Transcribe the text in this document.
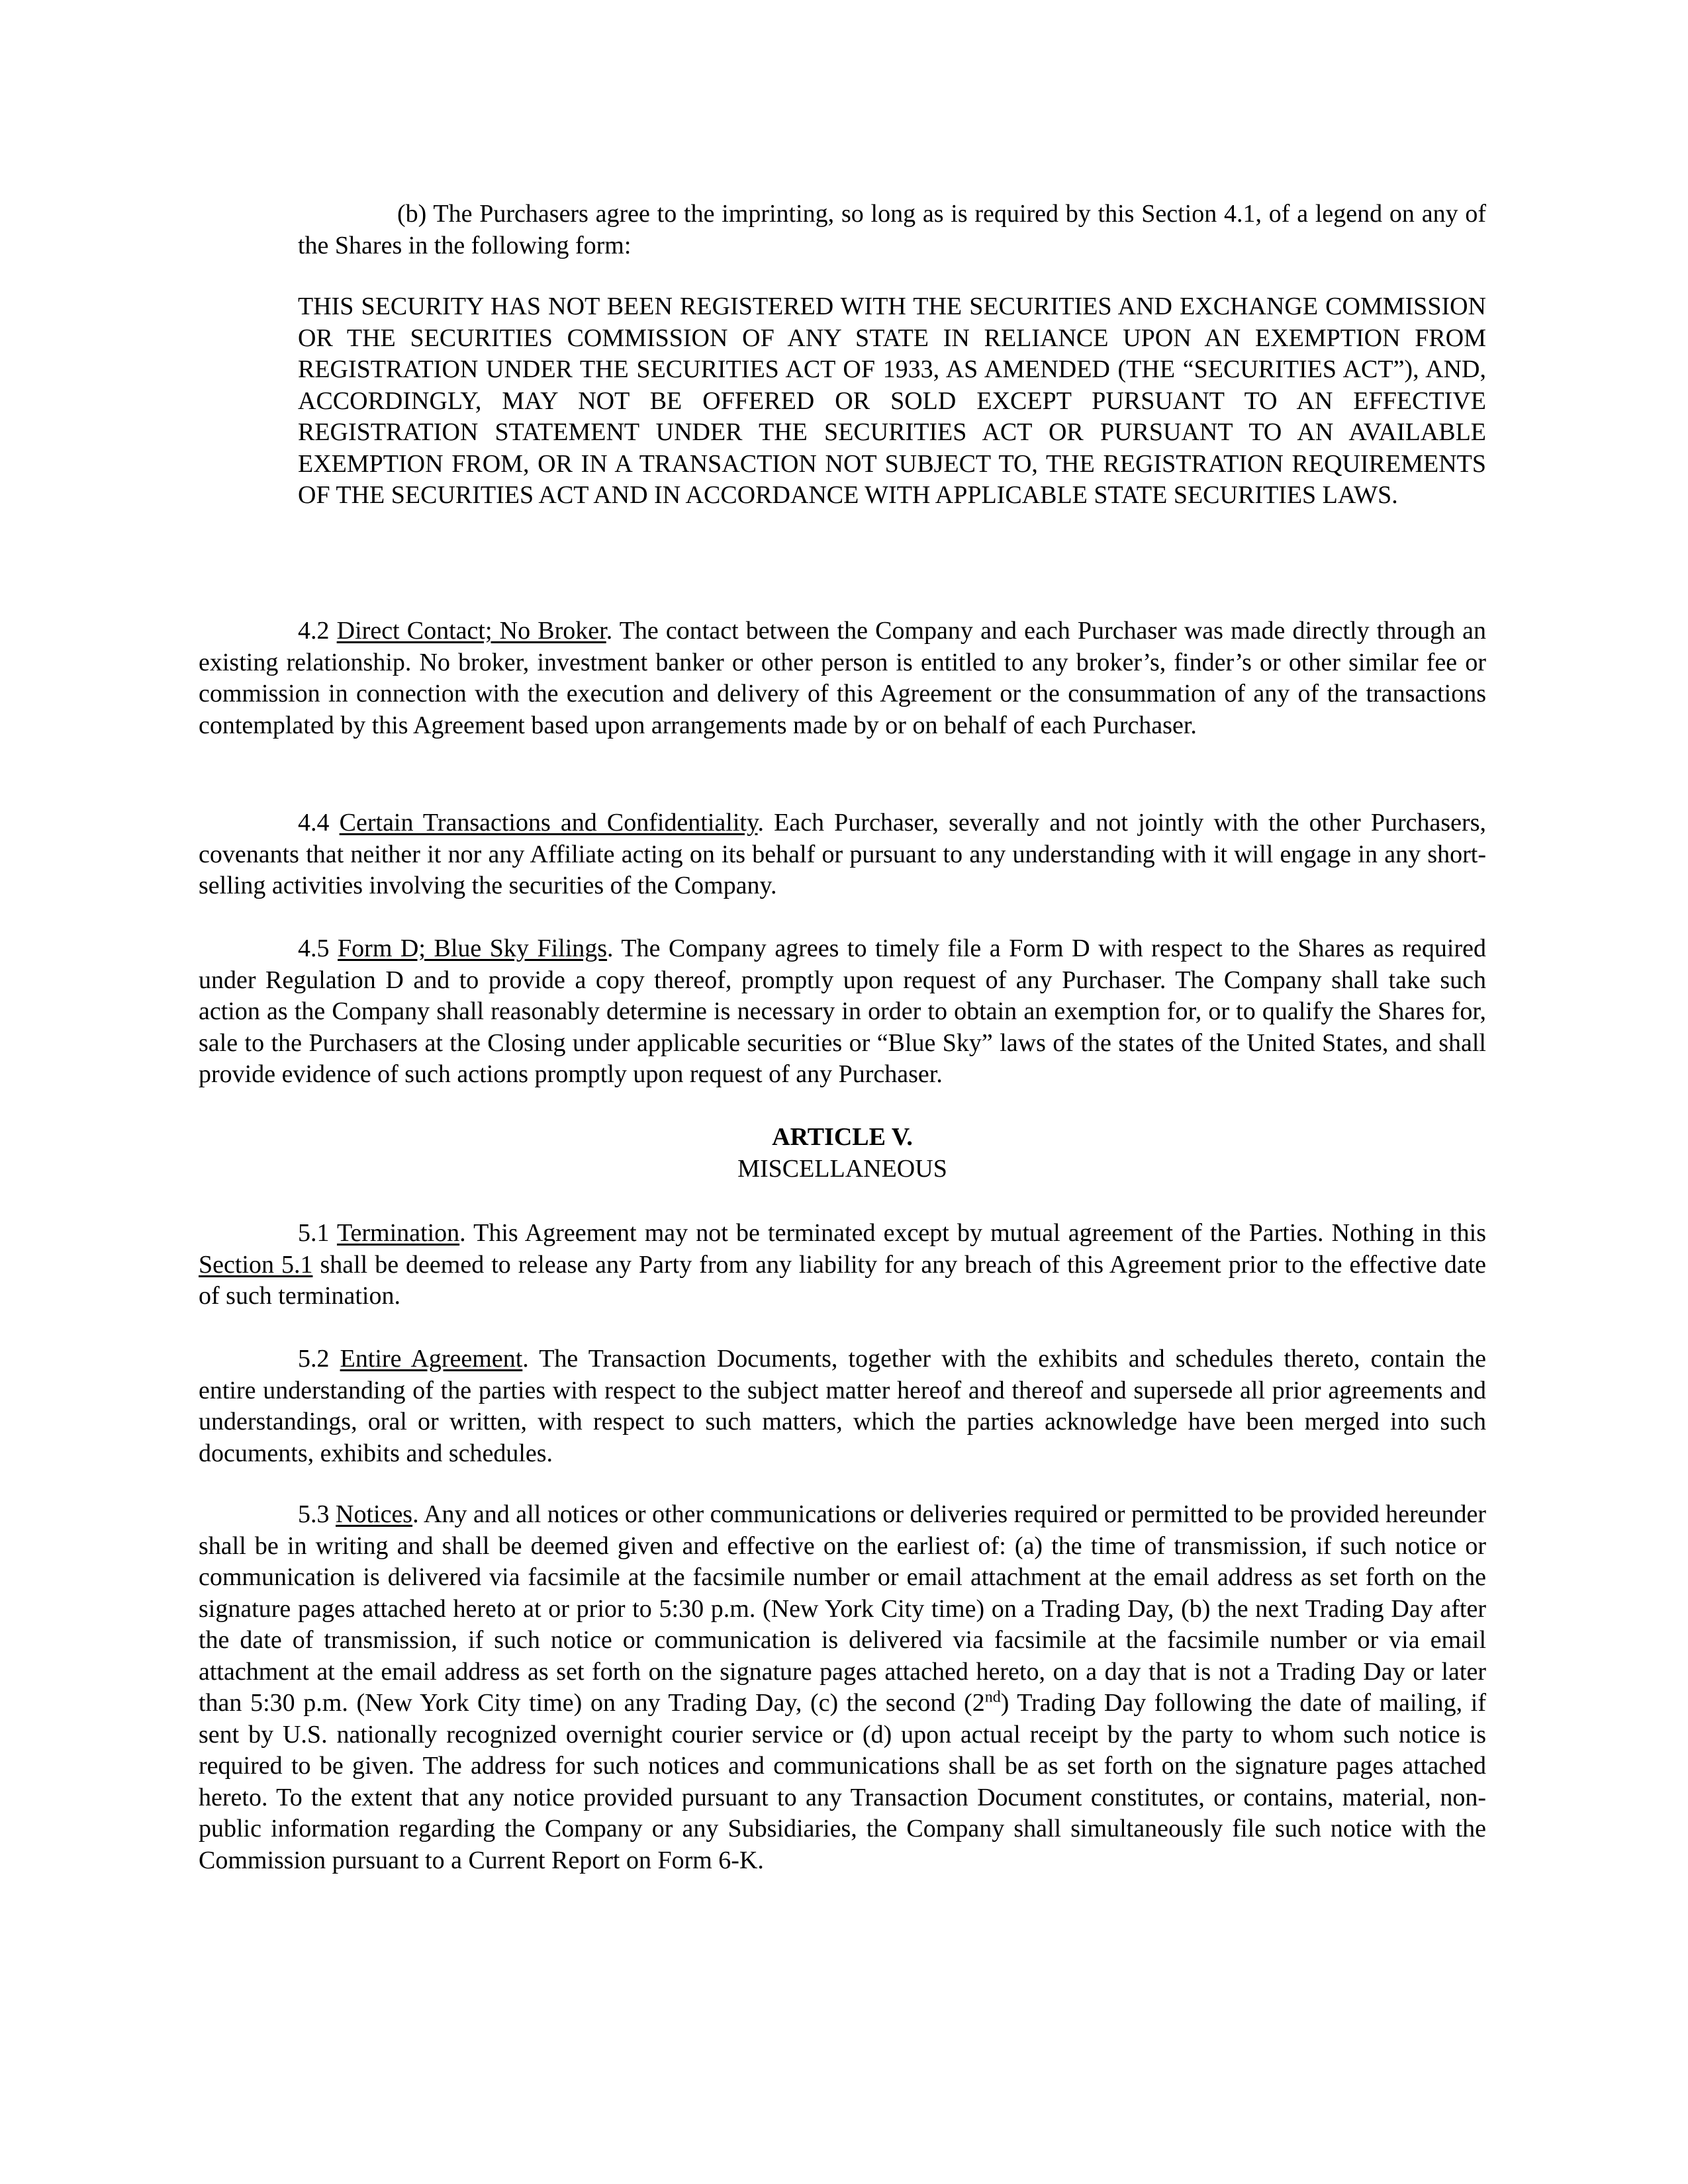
(b) The Purchasers agree to the imprinting, so long as is required by this Section 4.1, of a legend on any of the Shares in the following form:

THIS SECURITY HAS NOT BEEN REGISTERED WITH THE SECURITIES AND EXCHANGE COMMISSION OR THE SECURITIES COMMISSION OF ANY STATE IN RELIANCE UPON AN EXEMPTION FROM REGISTRATION UNDER THE SECURITIES ACT OF 1933, AS AMENDED (THE “SECURITIES ACT”), AND, ACCORDINGLY, MAY NOT BE OFFERED OR SOLD EXCEPT PURSUANT TO AN EFFECTIVE REGISTRATION STATEMENT UNDER THE SECURITIES ACT OR PURSUANT TO AN AVAILABLE EXEMPTION FROM, OR IN A TRANSACTION NOT SUBJECT TO, THE REGISTRATION REQUIREMENTS OF THE SECURITIES ACT AND IN ACCORDANCE WITH APPLICABLE STATE SECURITIES LAWS.

4.2 Direct Contact; No Broker. The contact between the Company and each Purchaser was made directly through an existing relationship. No broker, investment banker or other person is entitled to any broker’s, finder’s or other similar fee or commission in connection with the execution and delivery of this Agreement or the consummation of any of the transactions contemplated by this Agreement based upon arrangements made by or on behalf of each Purchaser.

4.4 Certain Transactions and Confidentiality. Each Purchaser, severally and not jointly with the other Purchasers, covenants that neither it nor any Affiliate acting on its behalf or pursuant to any understanding with it will engage in any short-selling activities involving the securities of the Company.

4.5 Form D; Blue Sky Filings. The Company agrees to timely file a Form D with respect to the Shares as required under Regulation D and to provide a copy thereof, promptly upon request of any Purchaser. The Company shall take such action as the Company shall reasonably determine is necessary in order to obtain an exemption for, or to qualify the Shares for, sale to the Purchasers at the Closing under applicable securities or “Blue Sky” laws of the states of the United States, and shall provide evidence of such actions promptly upon request of any Purchaser.

ARTICLE V.

MISCELLANEOUS

5.1 Termination. This Agreement may not be terminated except by mutual agreement of the Parties. Nothing in this Section 5.1 shall be deemed to release any Party from any liability for any breach of this Agreement prior to the effective date of such termination.

5.2 Entire Agreement. The Transaction Documents, together with the exhibits and schedules thereto, contain the entire understanding of the parties with respect to the subject matter hereof and thereof and supersede all prior agreements and understandings, oral or written, with respect to such matters, which the parties acknowledge have been merged into such documents, exhibits and schedules.

5.3 Notices. Any and all notices or other communications or deliveries required or permitted to be provided hereunder shall be in writing and shall be deemed given and effective on the earliest of: (a) the time of transmission, if such notice or communication is delivered via facsimile at the facsimile number or email attachment at the email address as set forth on the signature pages attached hereto at or prior to 5:30 p.m. (New York City time) on a Trading Day, (b) the next Trading Day after the date of transmission, if such notice or communication is delivered via facsimile at the facsimile number or via email attachment at the email address as set forth on the signature pages attached hereto, on a day that is not a Trading Day or later than 5:30 p.m. (New York City time) on any Trading Day, (c) the second (2nd) Trading Day following the date of mailing, if sent by U.S. nationally recognized overnight courier service or (d) upon actual receipt by the party to whom such notice is required to be given. The address for such notices and communications shall be as set forth on the signature pages attached hereto. To the extent that any notice provided pursuant to any Transaction Document constitutes, or contains, material, non-public information regarding the Company or any Subsidiaries, the Company shall simultaneously file such notice with the Commission pursuant to a Current Report on Form 6-K.
